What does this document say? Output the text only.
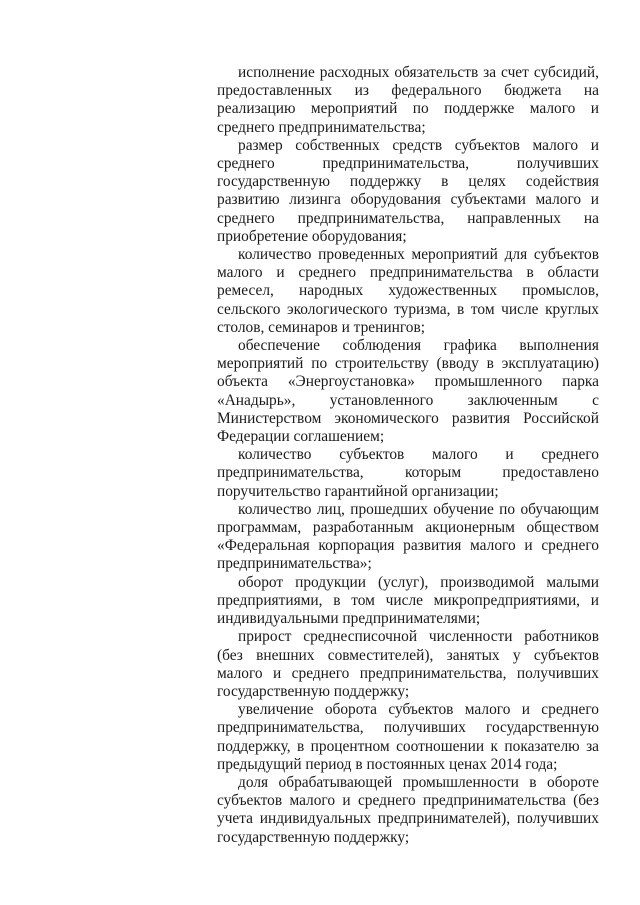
исполнение расходных обязательств за счет субсидий, предоставленных из федерального бюджета на реализацию мероприятий по поддержке малого и среднего предпринимательства;

размер собственных средств субъектов малого и среднего предпринимательства, получивших государственную поддержку в целях содействия развитию лизинга оборудования субъектами малого и среднего предпринимательства, направленных на приобретение оборудования;

количество проведенных мероприятий для субъектов малого и среднего предпринимательства в области ремесел, народных художественных промыслов, сельского экологического туризма, в том числе круглых столов, семинаров и тренингов;

обеспечение соблюдения графика выполнения мероприятий по строительству (вводу в эксплуатацию) объекта «Энергоустановка» промышленного парка «Анадырь», установленного заключенным с Министерством экономического развития Российской Федерации соглашением;

количество субъектов малого и среднего предпринимательства, которым предоставлено поручительство гарантийной организации;

количество лиц, прошедших обучение по обучающим программам, разработанным акционерным обществом «Федеральная корпорация развития малого и среднего предпринимательства»;

оборот продукции (услуг), производимой малыми предприятиями, в том числе микропредприятиями, и индивидуальными предпринимателями;

прирост среднесписочной численности работников (без внешних совместителей), занятых у субъектов малого и среднего предпринимательства, получивших государственную поддержку;

увеличение оборота субъектов малого и среднего предпринимательства, получивших государственную поддержку, в процентном соотношении к показателю за предыдущий период в постоянных ценах 2014 года;

доля обрабатывающей промышленности в обороте субъектов малого и среднего предпринимательства (без учета индивидуальных предпринимателей), получивших государственную поддержку;
